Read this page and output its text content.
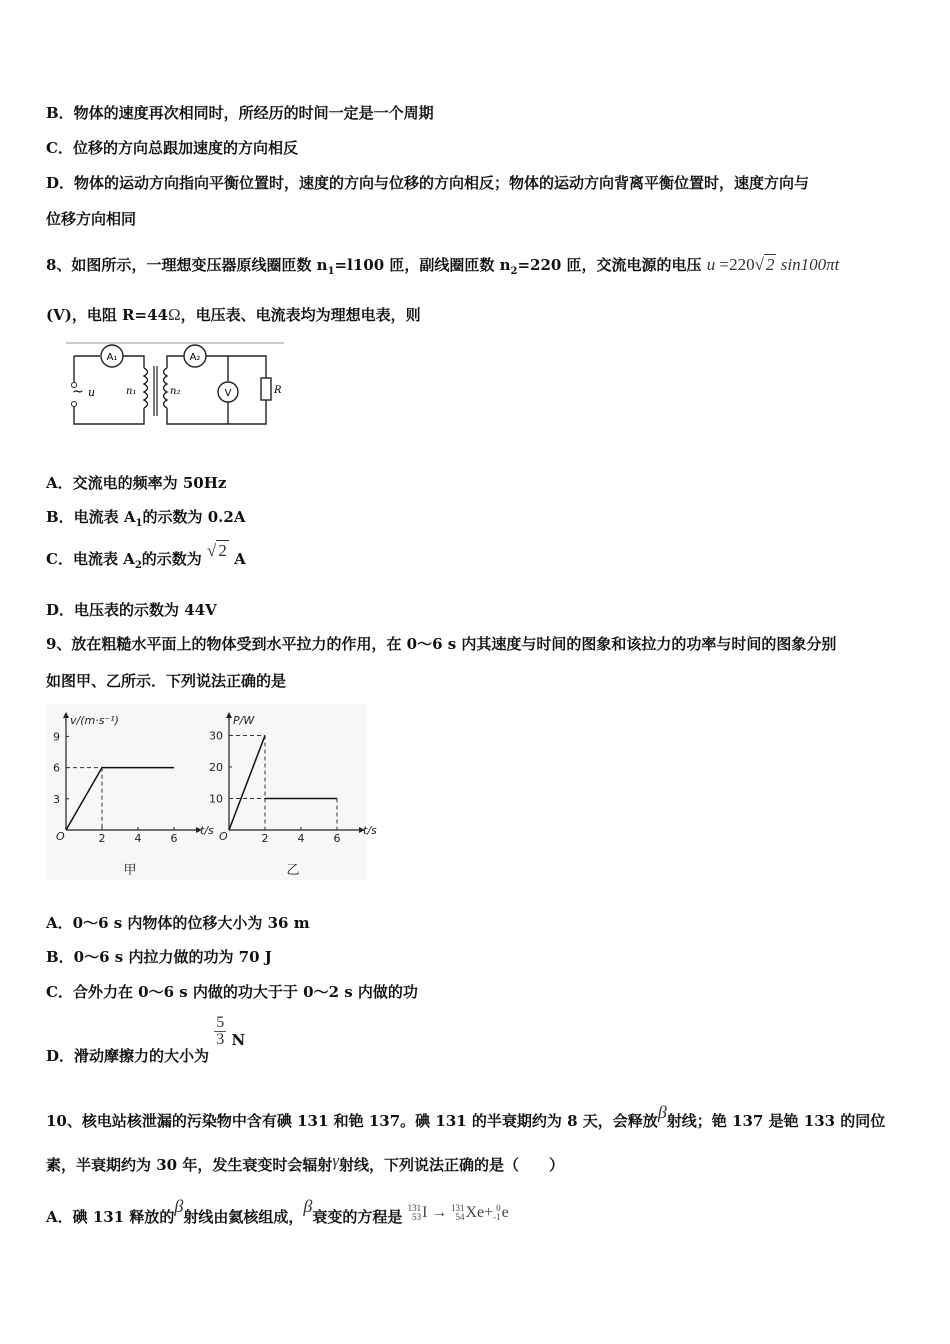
B．物体的速度再次相同时，所经历的时间一定是一个周期
C．位移的方向总跟加速度的方向相反
D．物体的运动方向指向平衡位置时，速度的方向与位移的方向相反；物体的运动方向背离平衡位置时，速度方向与
位移方向相同
8、如图所示，一理想变压器原线圈匝数 $n_1=l100$ 匝，副线圈匝数 $n_2=220$ 匝，交流电源的电压 u =220√ 2 sin100πt
(V)，电阻 R=44Ω，电压表、电流表均为理想电表，则
A₁
~ u	n₁	n₂
A₂
V	R
A．交流电的频率为 50Hz
B．电流表 $A_1$的示数为 0.2A
C．电流表 $A_2$的示数为 √ 2 A
D．电压表的示数为 44V
9、放在粗糙水平面上的物体受到水平拉力的作用，在 0～6 s 内其速度与时间的图象和该拉力的功率与时间的图象分别
如图甲、乙所示．下列说法正确的是
v/(m·s⁻¹)
t/s
O	2	4	6
3
6
9
甲
P/W
t/s
O	2	4	6
10
20
30
乙
A．0～6 s 内物体的位移大小为 36 m
B．0～6 s 内拉力做的功为 70 J
C．合外力在 0～6 s 内做的功大于于 0～2 s 内做的功
D．滑动摩擦力的大小为
$\frac{5}{3}$ N
10、核电站核泄漏的污染物中含有碘 131 和铯 137。碘 131 的半衰期约为 8 天，会释放β射线；铯 137 是铯 133 的同位
素，半衰期约为 30 年，发生衰变时会辐射γ射线，下列说法正确的是（　　）
A．碘 131 释放的β射线由氦核组成，β衰变的方程是 131
53I → 131
54Xe+ 0
-1e
